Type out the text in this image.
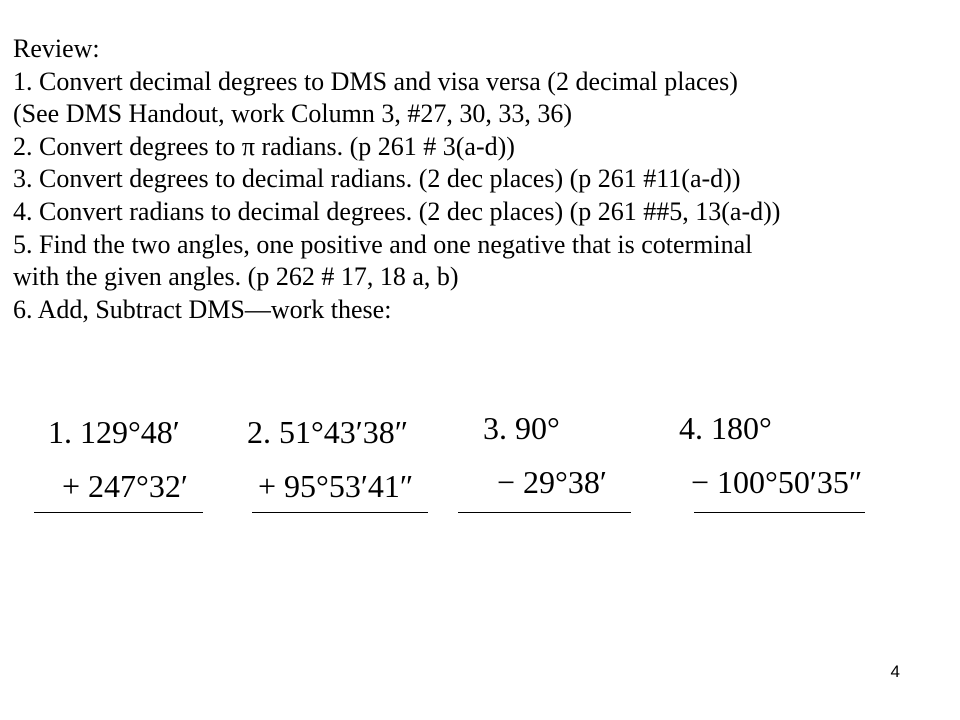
Review:
1. Convert decimal degrees to DMS and visa versa (2 decimal places)
(See DMS Handout, work Column 3, #27, 30, 33, 36)
2. Convert degrees to π radians. (p 261 # 3(a-d))
3. Convert degrees to decimal radians. (2 dec places) (p 261 #11(a-d))
4. Convert radians to decimal degrees. (2 dec places) (p 261 ##5, 13(a-d))
5. Find the two angles, one positive and one negative that is coterminal
with the given angles. (p 262 # 17, 18 a, b)
6. Add, Subtract DMS—work these:
1. 129°48′
+ 247°32′
2. 51°43′38″
+ 95°53′41″
3. 90°
− 29°38′
4. 180°
− 100°50′35″
4
